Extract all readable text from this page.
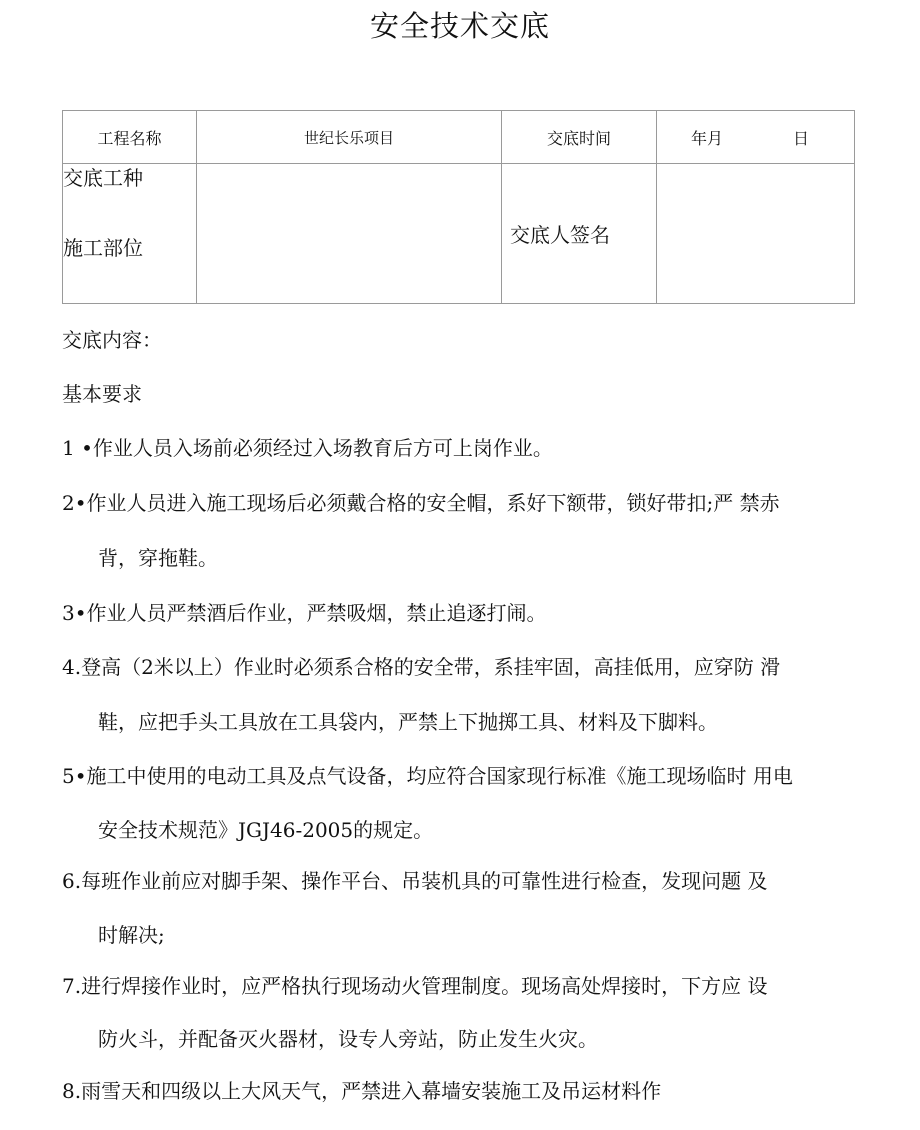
安全技术交底
工程名称	世纪长乐项目	交底时间	年月 日

交底工种
施工部位		交底人签名	
交底内容：
基本要求
1 •作业人员入场前必须经过入场教育后方可上岗作业。
2•作业人员进入施工现场后必须戴合格的安全帽，系好下额带，锁好带扣;严 禁赤
背，穿拖鞋。
3•作业人员严禁酒后作业，严禁吸烟，禁止追逐打闹。
4.登高（2米以上）作业时必须系合格的安全带，系挂牢固，高挂低用，应穿防 滑
鞋，应把手头工具放在工具袋内，严禁上下抛掷工具、材料及下脚料。
5•施工中使用的电动工具及点气设备，均应符合国家现行标准《施工现场临时 用电
安全技术规范》JGJ46-2005的规定。
6.每班作业前应对脚手架、操作平台、吊装机具的可靠性进行检查，发现问题 及
时解决;
7.进行焊接作业时，应严格执行现场动火管理制度。现场高处焊接时，下方应 设
防火斗，并配备灭火器材，设专人旁站，防止发生火灾。
8.雨雪天和四级以上大风天气，严禁进入幕墙安装施工及吊运材料作
